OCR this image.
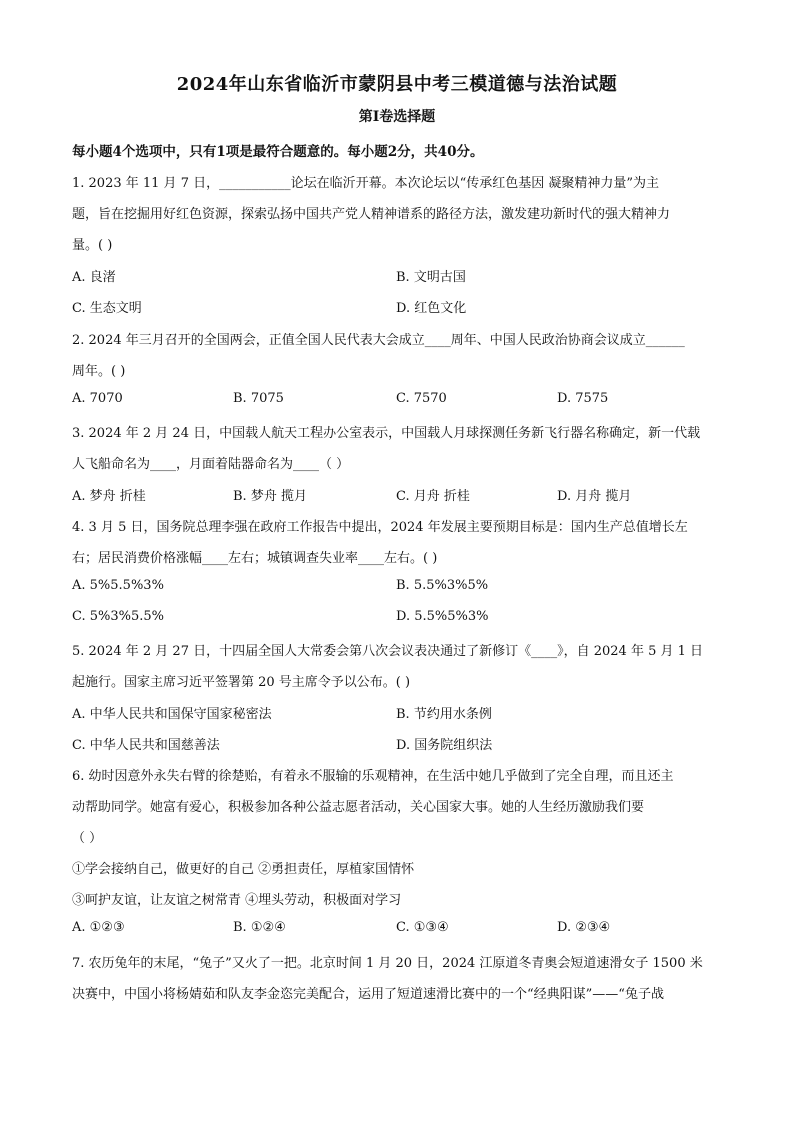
2024年山东省临沂市蒙阴县中考三模道德与法治试题
第Ⅰ卷选择题
每小题4个选项中，只有1项是最符合题意的。每小题2分，共40分。
1. 2023 年 11 月 7 日，___________论坛在临沂开幕。本次论坛以“传承红色基因 凝聚精神力量”为主
题，旨在挖掘用好红色资源，探索弘扬中国共产党人精神谱系的路径方法，激发建功新时代的强大精神力
量。( )
A. 良渚	B. 文明古国
C. 生态文明	D. 红色文化
2. 2024 年三月召开的全国两会，正值全国人民代表大会成立____周年、中国人民政治协商会议成立______
周年。( )
A. 7070	B. 7075	C. 7570	D. 7575
3. 2024 年 2 月 24 日，中国载人航天工程办公室表示，中国载人月球探测任务新飞行器名称确定，新一代载
人飞船命名为____，月面着陆器命名为____（ ）
A. 梦舟 折桂	B. 梦舟 揽月	C. 月舟 折桂	D. 月舟 揽月
4. 3 月 5 日，国务院总理李强在政府工作报告中提出，2024 年发展主要预期目标是：国内生产总值增长左
右；居民消费价格涨幅____左右；城镇调查失业率____左右。( )
A. 5%5.5%3%	B. 5.5%3%5%
C. 5%3%5.5%	D. 5.5%5%3%
5. 2024 年 2 月 27 日，十四届全国人大常委会第八次会议表决通过了新修订《____》，自 2024 年 5 月 1 日
起施行。国家主席习近平签署第 20 号主席令予以公布。( )
A. 中华人民共和国保守国家秘密法	B. 节约用水条例
C. 中华人民共和国慈善法	D. 国务院组织法
6. 幼时因意外永失右臂的徐楚贻，有着永不服输的乐观精神，在生活中她几乎做到了完全自理，而且还主
动帮助同学。她富有爱心，积极参加各种公益志愿者活动，关心国家大事。她的人生经历激励我们要
（ ）
①学会接纳自己，做更好的自己 ②勇担责任，厚植家国情怀
③呵护友谊，让友谊之树常青 ④埋头劳动，积极面对学习
A. ①②③	B. ①②④	C. ①③④	D. ②③④
7. 农历兔年的末尾，“兔子”又火了一把。北京时间 1 月 20 日，2024 江原道冬青奥会短道速滑女子 1500 米
决赛中，中国小将杨婧茹和队友李金恣完美配合，运用了短道速滑比赛中的一个“经典阳谋”——“兔子战
